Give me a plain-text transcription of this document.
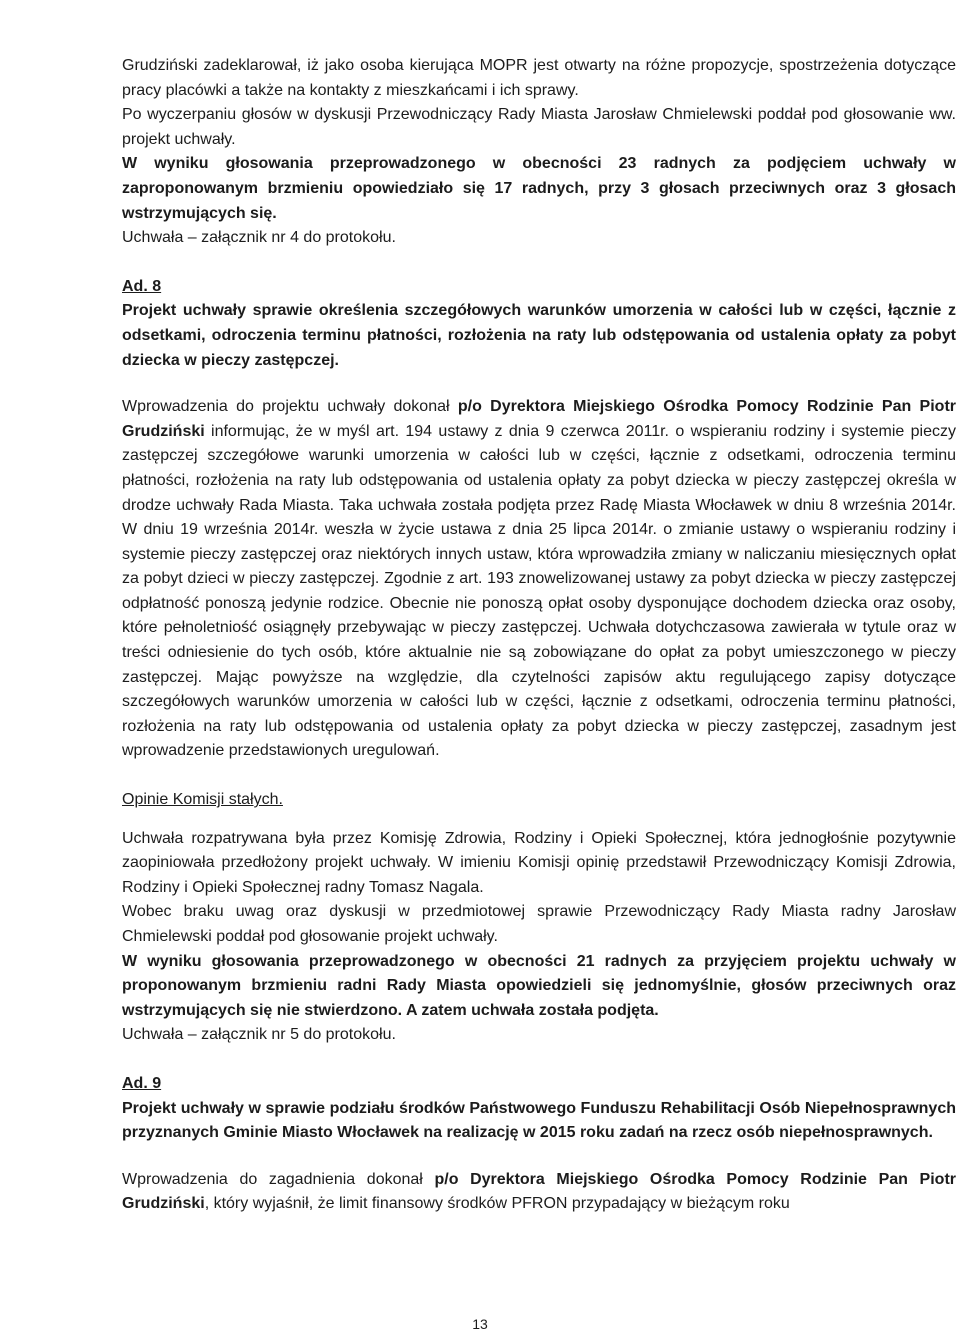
Grudziński zadeklarował, iż jako osoba kierująca MOPR jest otwarty na różne propozycje, spostrzeżenia dotyczące pracy placówki a także na kontakty z mieszkańcami i ich sprawy.

Po wyczerpaniu głosów w dyskusji Przewodniczący Rady Miasta Jarosław Chmielewski poddał pod głosowanie ww. projekt uchwały.

W wyniku głosowania przeprowadzonego w obecności 23 radnych za podjęciem uchwały w zaproponowanym brzmieniu opowiedziało się 17 radnych, przy 3 głosach przeciwnych oraz 3 głosach wstrzymujących się.

Uchwała – załącznik nr 4 do protokołu.

Ad. 8

Projekt uchwały sprawie określenia szczegółowych warunków umorzenia w całości lub w części, łącznie z odsetkami, odroczenia terminu płatności, rozłożenia na raty lub odstępowania od ustalenia opłaty za pobyt dziecka w pieczy zastępczej.

Wprowadzenia do projektu uchwały dokonał p/o Dyrektora Miejskiego Ośrodka Pomocy Rodzinie Pan Piotr Grudziński informując, że w myśl art. 194 ustawy z dnia 9 czerwca 2011r. o wspieraniu rodziny i systemie pieczy zastępczej szczegółowe warunki umorzenia w całości lub w części, łącznie z odsetkami, odroczenia terminu płatności, rozłożenia na raty lub odstępowania od ustalenia opłaty za pobyt dziecka w pieczy zastępczej określa w drodze uchwały Rada Miasta. Taka uchwała została podjęta przez Radę Miasta Włocławek w dniu 8 września 2014r. W dniu 19 września 2014r. weszła w życie ustawa z dnia 25 lipca 2014r. o zmianie ustawy o wspieraniu rodziny i systemie pieczy zastępczej oraz niektórych innych ustaw, która wprowadziła zmiany w naliczaniu miesięcznych opłat za pobyt dzieci w pieczy zastępczej. Zgodnie z art. 193 znowelizowanej ustawy za pobyt dziecka w pieczy zastępczej odpłatność ponoszą jedynie rodzice. Obecnie nie ponoszą opłat osoby dysponujące dochodem dziecka oraz osoby, które pełnoletniość osiągnęły przebywając w pieczy zastępczej. Uchwała dotychczasowa zawierała w tytule oraz w treści odniesienie do tych osób, które aktualnie nie są zobowiązane do opłat za pobyt umieszczonego w pieczy zastępczej. Mając powyższe na względzie, dla czytelności zapisów aktu regulującego zapisy dotyczące szczegółowych warunków umorzenia w całości lub w części, łącznie z odsetkami, odroczenia terminu płatności, rozłożenia na raty lub odstępowania od ustalenia opłaty za pobyt dziecka w pieczy zastępczej, zasadnym jest wprowadzenie przedstawionych uregulowań.

Opinie Komisji stałych.

Uchwała rozpatrywana była przez Komisję Zdrowia, Rodziny i Opieki Społecznej, która jednogłośnie pozytywnie zaopiniowała przedłożony projekt uchwały. W imieniu Komisji opinię przedstawił Przewodniczący Komisji Zdrowia, Rodziny i Opieki Społecznej radny Tomasz Nagala.

Wobec braku uwag oraz dyskusji w przedmiotowej sprawie Przewodniczący Rady Miasta radny Jarosław Chmielewski poddał pod głosowanie projekt uchwały.

W wyniku głosowania przeprowadzonego w obecności 21 radnych za przyjęciem projektu uchwały w proponowanym brzmieniu radni Rady Miasta opowiedzieli się jednomyślnie, głosów przeciwnych oraz wstrzymujących się nie stwierdzono. A zatem uchwała została podjęta.

Uchwała – załącznik nr 5 do protokołu.

Ad. 9

Projekt uchwały w sprawie podziału środków Państwowego Funduszu Rehabilitacji Osób Niepełnosprawnych przyznanych Gminie Miasto Włocławek na realizację w 2015 roku zadań na rzecz osób niepełnosprawnych.

Wprowadzenia do zagadnienia dokonał p/o Dyrektora Miejskiego Ośrodka Pomocy Rodzinie Pan Piotr Grudziński, który wyjaśnił, że limit finansowy środków PFRON przypadający w bieżącym roku

13
